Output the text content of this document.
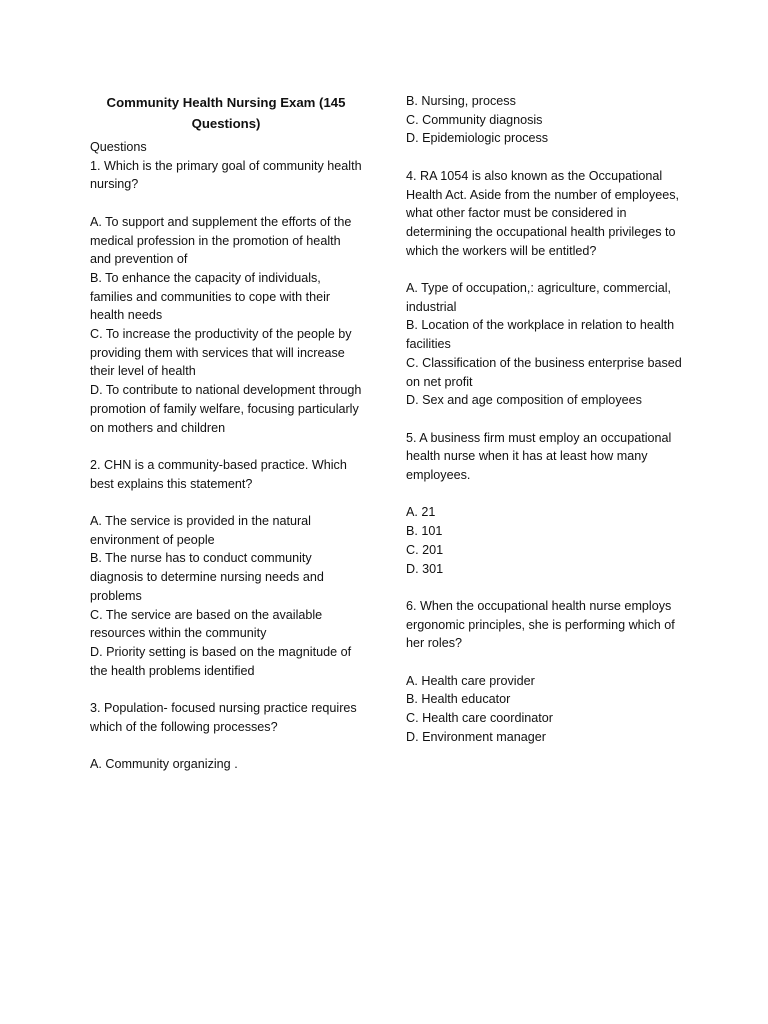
Community Health Nursing Exam (145 Questions)
Questions
1. Which is the primary goal of community health nursing?
A. To support and supplement the efforts of the medical profession in the promotion of health and prevention of
B. To enhance the capacity of individuals, families and communities to cope with their health needs
C. To increase the productivity of the people by providing them with services that will increase their level of health
D. To contribute to national development through promotion of family welfare, focusing particularly on mothers and children
2. CHN is a community-based practice. Which best explains this statement?
A. The service is provided in the natural environment of people
B. The nurse has to conduct community diagnosis to determine nursing needs and problems
C. The service are based on the available resources within the community
D. Priority setting is based on the magnitude of the health problems identified
3. Population- focused nursing practice requires which of the following processes?
A. Community organizing .
B. Nursing, process
C. Community diagnosis
D. Epidemiologic process
4. RA 1054 is also known as the Occupational Health Act. Aside from the number of employees, what other factor must be considered in determining the occupational health privileges to which the workers will be entitled?
A. Type of occupation,: agriculture, commercial, industrial
B. Location of the workplace in relation to health facilities
C. Classification of the business enterprise based on net profit
D. Sex and age composition of employees
5. A business firm must employ an occupational health nurse when it has at least how many employees.
A. 21
B. 101
C. 201
D. 301
6. When the occupational health nurse employs ergonomic principles, she is performing which of her roles?
A. Health care provider
B. Health educator
C. Health care coordinator
D. Environment manager
